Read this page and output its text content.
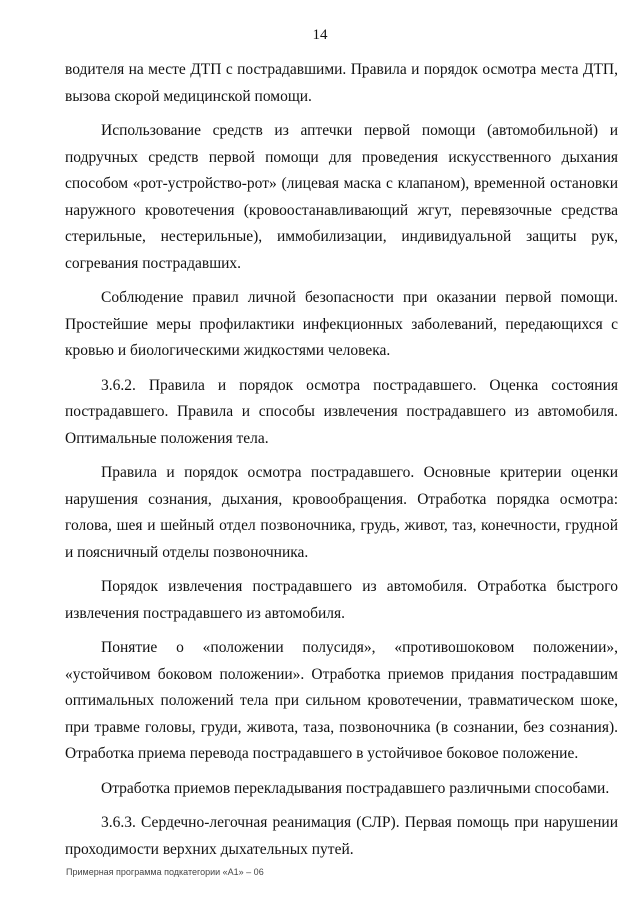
14

водителя на месте ДТП с пострадавшими. Правила и порядок осмотра места ДТП, вызова скорой медицинской помощи.

Использование средств из аптечки первой помощи (автомобильной) и подручных средств первой помощи для проведения искусственного дыхания способом «рот-устройство-рот» (лицевая маска с клапаном), временной остановки наружного кровотечения (кровоостанавливающий жгут, перевязочные средства стерильные, нестерильные), иммобилизации, индивидуальной защиты рук, согревания пострадавших.

Соблюдение правил личной безопасности при оказании первой помощи. Простейшие меры профилактики инфекционных заболеваний, передающихся с кровью и биологическими жидкостями человека.

3.6.2. Правила и порядок осмотра пострадавшего. Оценка состояния пострадавшего. Правила и способы извлечения пострадавшего из автомобиля. Оптимальные положения тела.

Правила и порядок осмотра пострадавшего. Основные критерии оценки нарушения сознания, дыхания, кровообращения. Отработка порядка осмотра: голова, шея и шейный отдел позвоночника, грудь, живот, таз, конечности, грудной и поясничный отделы позвоночника.

Порядок извлечения пострадавшего из автомобиля. Отработка быстрого извлечения пострадавшего из автомобиля.

Понятие о «положении полусидя», «противошоковом положении», «устойчивом боковом положении». Отработка приемов придания пострадавшим оптимальных положений тела при сильном кровотечении, травматическом шоке, при травме головы, груди, живота, таза, позвоночника (в сознании, без сознания). Отработка приема перевода пострадавшего в устойчивое боковое положение.

Отработка приемов перекладывания пострадавшего различными способами.

3.6.3. Сердечно-легочная реанимация (СЛР). Первая помощь при нарушении проходимости верхних дыхательных путей.

Примерная программа подкатегории «A1» – 06
